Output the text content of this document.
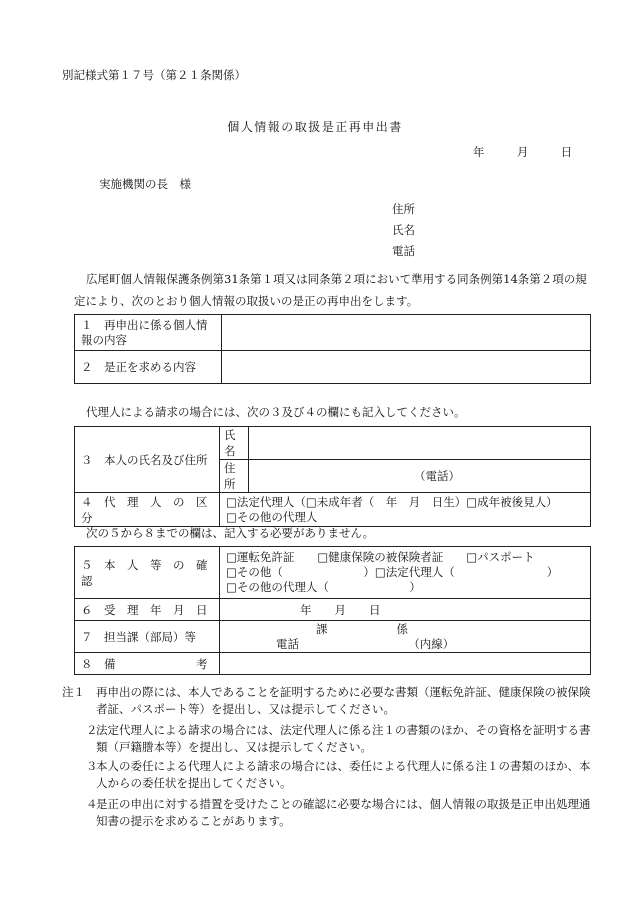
別記様式第１７号（第２１条関係）
個人情報の取扱是正再申出書
年	月	日
実施機関の長　様
住所
氏名
電話
広尾町個人情報保護条例第31条第１項又は同条第２項において準用する同条例第14条第２項の規定により、次のとおり個人情報の取扱いの是正の再申出をします。
１　再申出に係る個人情報の内容	
２　是正を求める内容	
代理人による請求の場合には、次の３及び４の欄にも記入してください。
３　本人の氏名及び住所	氏名	
	住所	（電話）
４　代　理　人　の　区　分	□法定代理人（□未成年者（　年　月　日生）□成年被後見人）
□その他の代理人	
次の５から８までの欄は、記入する必要がありません。
５　本　人　等　の　確　認	□運転免許証　　□健康保険の被保険者証　　□パスポート
□その他（　　　　　　　）□法定代理人（　　　　　　　　）
□その他の代理人（　　　　　　　）

６　受　理　年　月　日	年　　月　　日
７　担当課（部局）等	課　　　　　　係
電話　　　　　　　　　　（内線）

８　備　　　　　　　考	
注１ 再申出の際には、本人であることを証明するために必要な書類（運転免許証、健康保険の被保険者証、パスポート等）を提出し、又は提示してください。
２
法定代理人による請求の場合には、法定代理人に係る注１の書類のほか、その資格を証明する書類（戸籍謄本等）を提出し、又は提示してください。
３
本人の委任による代理人による請求の場合には、委任による代理人に係る注１の書類のほか、本人からの委任状を提出してください。
４
是正の申出に対する措置を受けたことの確認に必要な場合には、個人情報の取扱是正申出処理通知書の提示を求めることがあります。
